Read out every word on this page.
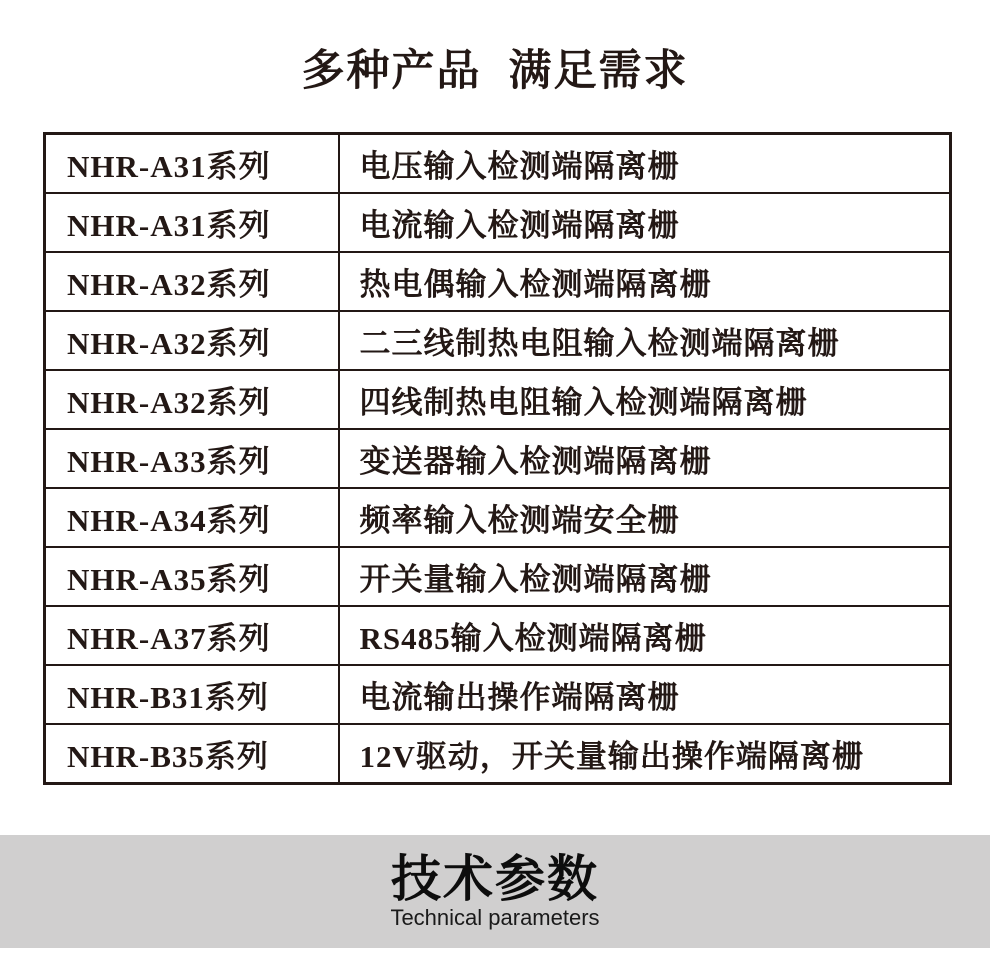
多种产品 满足需求
NHR-A31系列	电压输入检测端隔离栅
NHR-A31系列	电流输入检测端隔离栅
NHR-A32系列	热电偶输入检测端隔离栅
NHR-A32系列	二三线制热电阻输入检测端隔离栅
NHR-A32系列	四线制热电阻输入检测端隔离栅
NHR-A33系列	变送器输入检测端隔离栅
NHR-A34系列	频率输入检测端安全栅
NHR-A35系列	开关量输入检测端隔离栅
NHR-A37系列	RS485输入检测端隔离栅
NHR-B31系列	电流输出操作端隔离栅
NHR-B35系列	12V驱动，开关量输出操作端隔离栅
技术参数
Technical parameters
